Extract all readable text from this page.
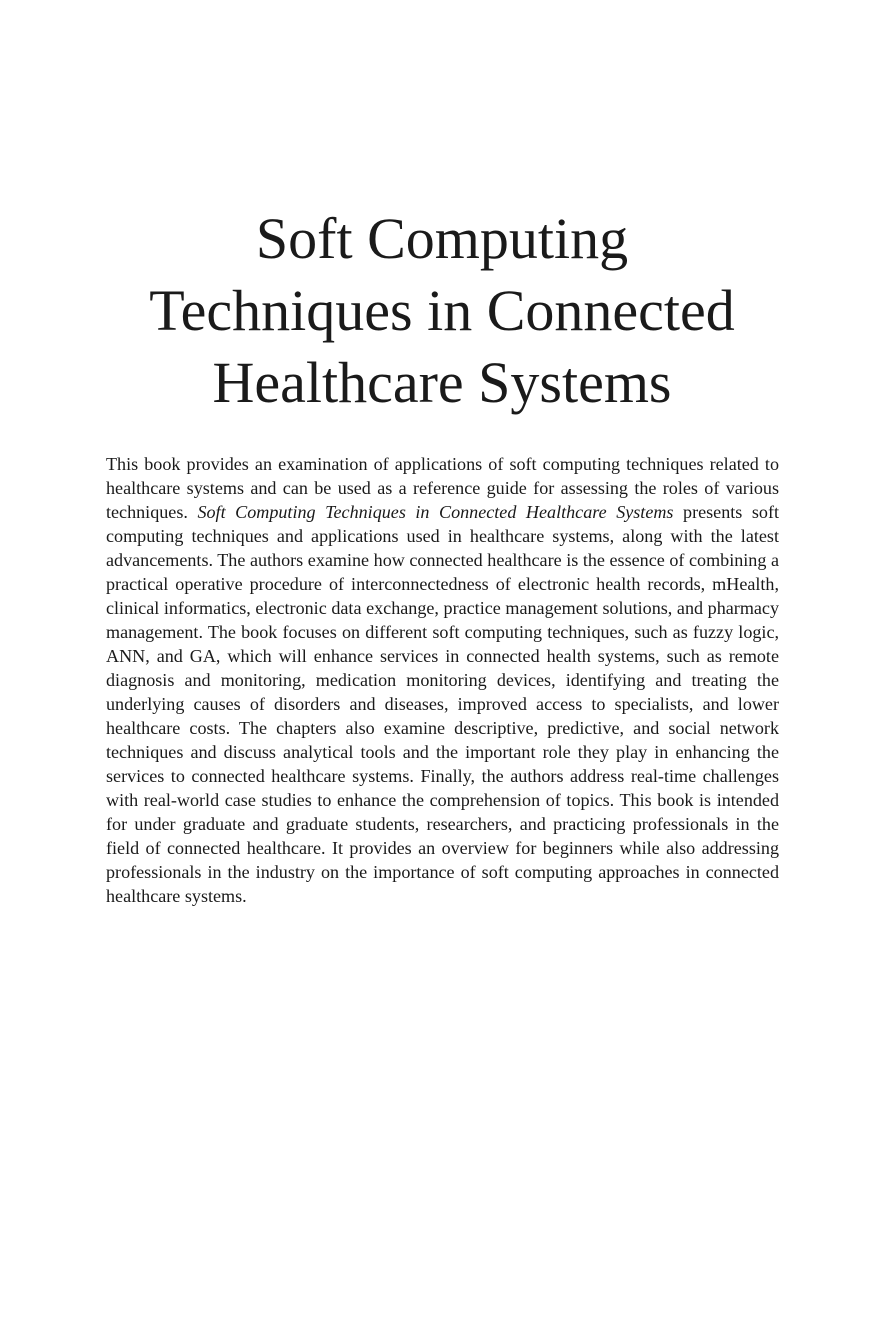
Soft Computing
Techniques in Connected
Healthcare Systems

This book provides an examination of applications of soft computing techniques related to healthcare systems and can be used as a reference guide for assessing the roles of various techniques. Soft Computing Techniques in Connected Healthcare Systems presents soft computing techniques and applications used in healthcare systems, along with the latest advancements. The authors examine how connected healthcare is the essence of combining a practical operative procedure of interconnectedness of electronic health records, mHealth, clinical informatics, electronic data exchange, practice management solutions, and pharmacy management. The book focuses on different soft computing techniques, such as fuzzy logic, ANN, and GA, which will enhance services in connected health systems, such as remote diagnosis and monitoring, medication monitoring devices, identifying and treating the underlying causes of disorders and diseases, improved access to specialists, and lower healthcare costs. The chapters also examine descriptive, predictive, and social network techniques and discuss analytical tools and the important role they play in enhancing the services to connected healthcare systems. Finally, the authors address real-time challenges with real-world case studies to enhance the comprehension of topics. This book is intended for under graduate and graduate students, researchers, and practicing professionals in the field of connected healthcare. It provides an overview for beginners while also addressing professionals in the industry on the importance of soft computing approaches in connected healthcare systems.
